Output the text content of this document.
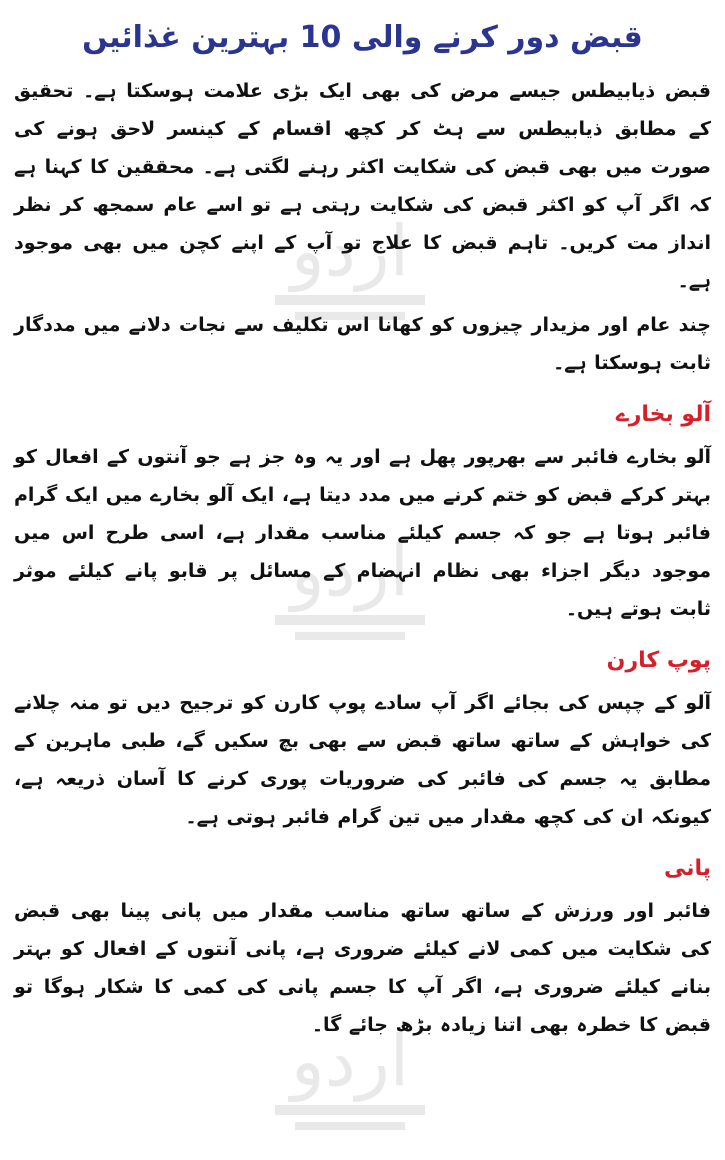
اردو
اردو
اردو
قبض دور کرنے والی 10 بہترین غذائیں

قبض ذیابیطس جیسے مرض کی بھی ایک بڑی علامت ہوسکتا ہے۔ تحقیق کے مطابق ذیابیطس سے ہٹ کر کچھ اقسام کے کینسر لاحق ہونے کی صورت میں بھی قبض کی شکایت اکثر رہنے لگتی ہے۔ محققین کا کہنا ہے کہ اگر آپ کو اکثر قبض کی شکایت رہتی ہے تو اسے عام سمجھ کر نظر انداز مت کریں۔ تاہم قبض کا علاج تو آپ کے اپنے کچن میں بھی موجود ہے۔

چند عام اور مزیدار چیزوں کو کھانا اس تکلیف سے نجات دلانے میں مددگار ثابت ہوسکتا ہے۔

آلو بخارے

آلو بخارے فائبر سے بھرپور پھل ہے اور یہ وہ جز ہے جو آنتوں کے افعال کو بہتر کرکے قبض کو ختم کرنے میں مدد دیتا ہے، ایک آلو بخارے میں ایک گرام فائبر ہوتا ہے جو کہ جسم کیلئے مناسب مقدار ہے، اسی طرح اس میں موجود دیگر اجزاء بھی نظام انہضام کے مسائل پر قابو پانے کیلئے موثر ثابت ہوتے ہیں۔

پوپ کارن

آلو کے چپس کی بجائے اگر آپ سادے پوپ کارن کو ترجیح دیں تو منہ چلانے کی خواہش کے ساتھ ساتھ قبض سے بھی بچ سکیں گے، طبی ماہرین کے مطابق یہ جسم کی فائبر کی ضروریات پوری کرنے کا آسان ذریعہ ہے، کیونکہ ان کی کچھ مقدار میں تین گرام فائبر ہوتی ہے۔

پانی

فائبر اور ورزش کے ساتھ ساتھ مناسب مقدار میں پانی پینا بھی قبض کی شکایت میں کمی لانے کیلئے ضروری ہے، پانی آنتوں کے افعال کو بہتر بنانے کیلئے ضروری ہے، اگر آپ کا جسم پانی کی کمی کا شکار ہوگا تو قبض کا خطرہ بھی اتنا زیادہ بڑھ جائے گا۔
